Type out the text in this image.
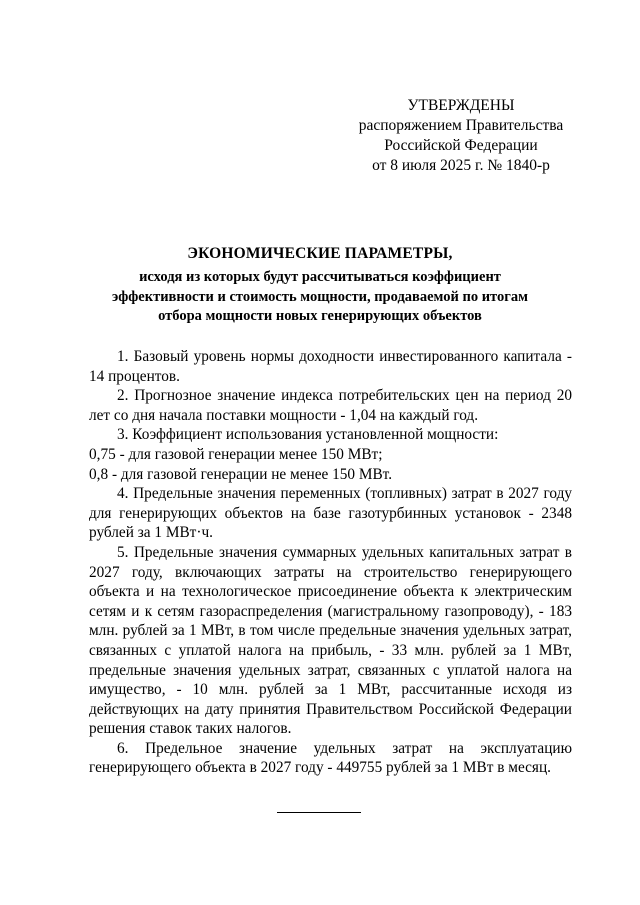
УТВЕРЖДЕНЫ
распоряжением Правительства
Российской Федерации
от 8 июля 2025 г. № 1840-р
ЭКОНОМИЧЕСКИЕ ПАРАМЕТРЫ,
исходя из которых будут рассчитываться коэффициент
эффективности и стоимость мощности, продаваемой по итогам
отбора мощности новых генерирующих объектов

1. Базовый уровень нормы доходности инвестированного капитала - 14 процентов.

2. Прогнозное значение индекса потребительских цен на период 20 лет со дня начала поставки мощности - 1,04 на каждый год.

3. Коэффициент использования установленной мощности:

0,75 - для газовой генерации менее 150 МВт;

0,8 - для газовой генерации не менее 150 МВт.

4. Предельные значения переменных (топливных) затрат в 2027 году для генерирующих объектов на базе газотурбинных установок - 2348 рублей за 1 МВт·ч.

5. Предельные значения суммарных удельных капитальных затрат в 2027 году, включающих затраты на строительство генерирующего объекта и на технологическое присоединение объекта к электрическим сетям и к сетям газораспределения (магистральному газопроводу), - 183 млн. рублей за 1 МВт, в том числе предельные значения удельных затрат, связанных с уплатой налога на прибыль, - 33 млн. рублей за 1 МВт, предельные значения удельных затрат, связанных с уплатой налога на имущество, - 10 млн. рублей за 1 МВт, рассчитанные исходя из действующих на дату принятия Правительством Российской Федерации решения ставок таких налогов.

6. Предельное значение удельных затрат на эксплуатацию генерирующего объекта в 2027 году - 449755 рублей за 1 МВт в месяц.
